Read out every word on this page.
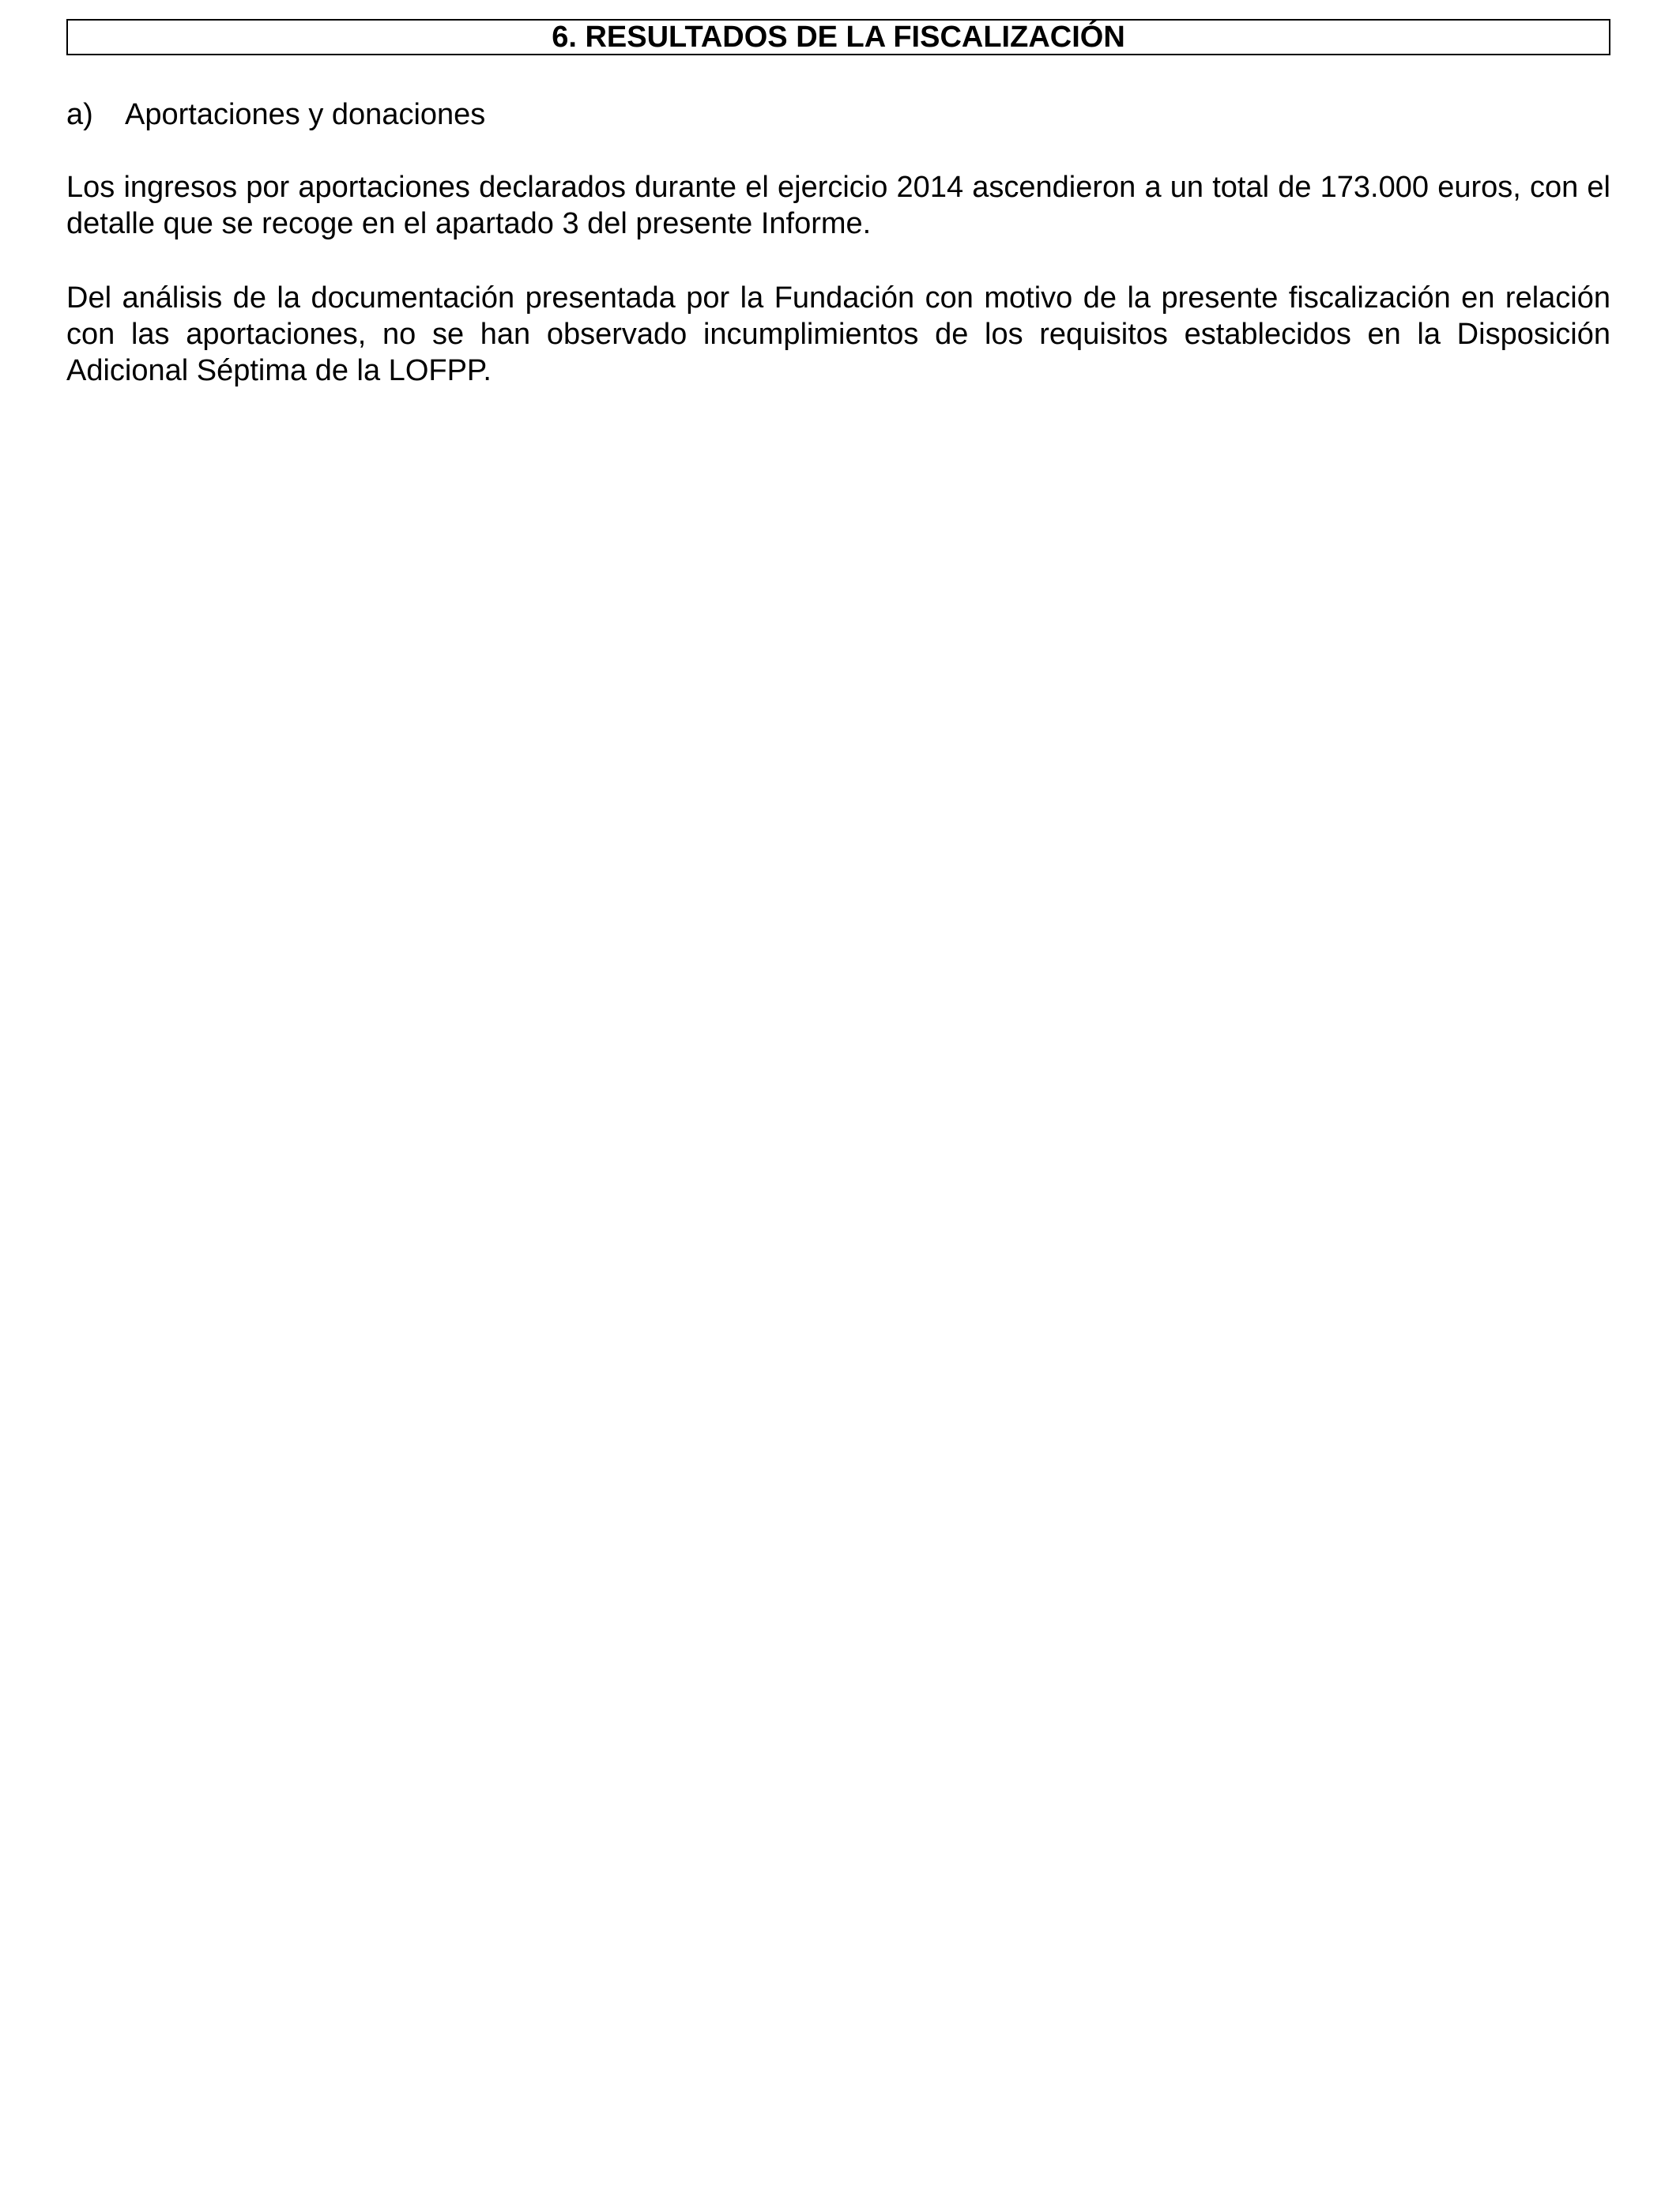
6. RESULTADOS DE LA FISCALIZACIÓN
a) Aportaciones y donaciones

Los ingresos por aportaciones declarados durante el ejercicio 2014 ascendieron a un total de 173.000 euros, con el detalle que se recoge en el apartado 3 del presente Informe.

Del análisis de la documentación presentada por la Fundación con motivo de la presente fiscalización en relación con las aportaciones, no se han observado incumplimientos de los requisitos establecidos en la Disposición Adicional Séptima de la LOFPP.
